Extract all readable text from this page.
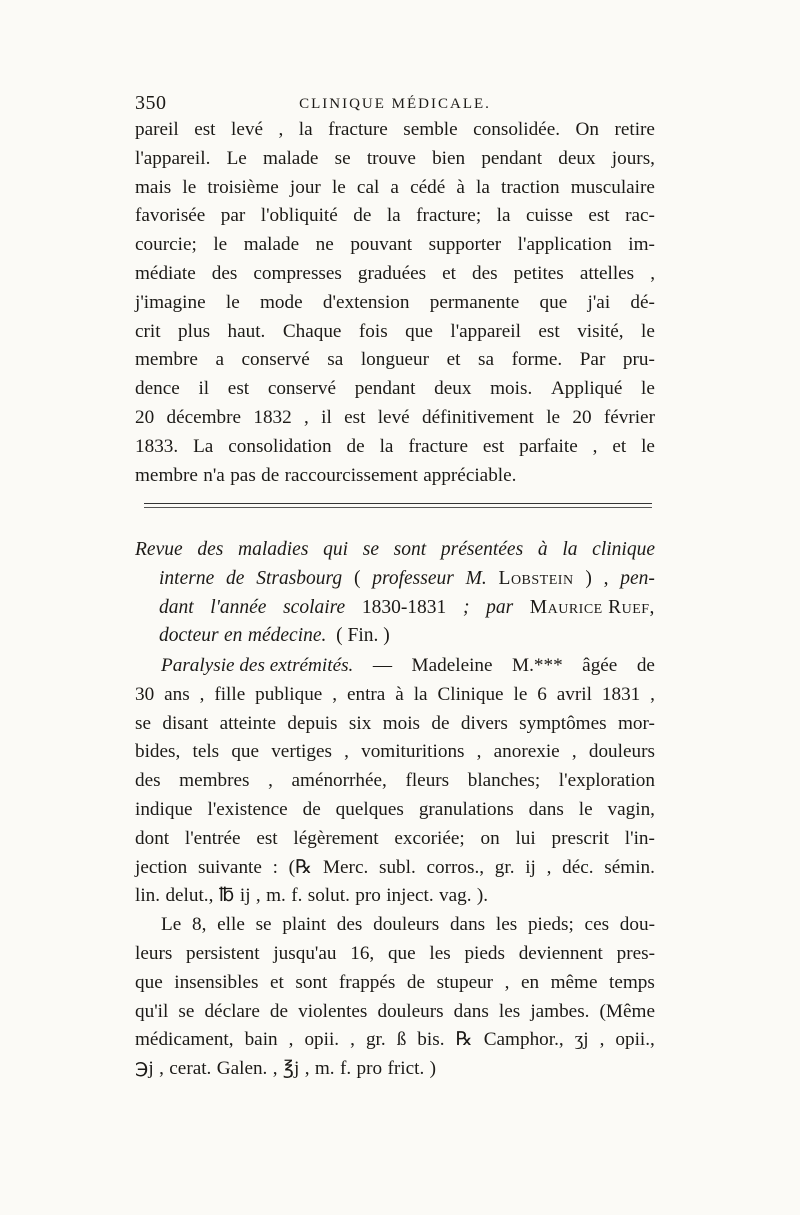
350	CLINIQUE MÉDICALE.
pareil est levé , la fracture semble consolidée. On retire
l'appareil. Le malade se trouve bien pendant deux jours,
mais le troisième jour le cal a cédé à la traction musculaire
favorisée par l'obliquité de la fracture; la cuisse est rac-
courcie; le malade ne pouvant supporter l'application im-
médiate des compresses graduées et des petites attelles ,
j'imagine le mode d'extension permanente que j'ai dé-
crit plus haut. Chaque fois que l'appareil est visité, le
membre a conservé sa longueur et sa forme. Par pru-
dence il est conservé pendant deux mois. Appliqué le
20 décembre 1832 , il est levé définitivement le 20 février
1833. La consolidation de la fracture est parfaite , et le
membre n'a pas de raccourcissement appréciable.
Revue des maladies qui se sont présentées à la clinique
interne de Strasbourg ( professeur M. Lobstein ) , pen-
dant l'année scolaire 1830-1831 ; par Maurice Ruef,
docteur en médecine. ( Fin. )
Paralysie des extrémités. — Madeleine M.*** âgée de
30 ans , fille publique , entra à la Clinique le 6 avril 1831 ,
se disant atteinte depuis six mois de divers symptômes mor-
bides, tels que vertiges , vomituritions , anorexie , douleurs
des membres , aménorrhée, fleurs blanches; l'exploration
indique l'existence de quelques granulations dans le vagin,
dont l'entrée est légèrement excoriée; on lui prescrit l'in-
jection suivante : (℞ Merc. subl. corros., gr. ij , déc. sémin.
lin. delut., ℔ ij , m. f. solut. pro inject. vag. ).
Le 8, elle se plaint des douleurs dans les pieds; ces dou-
leurs persistent jusqu'au 16, que les pieds deviennent pres-
que insensibles et sont frappés de stupeur , en même temps
qu'il se déclare de violentes douleurs dans les jambes. (Même
médicament, bain , opii. , gr. ß bis. ℞ Camphor., ʒj , opii.,
℈j , cerat. Galen. , ℥j , m. f. pro frict. )
